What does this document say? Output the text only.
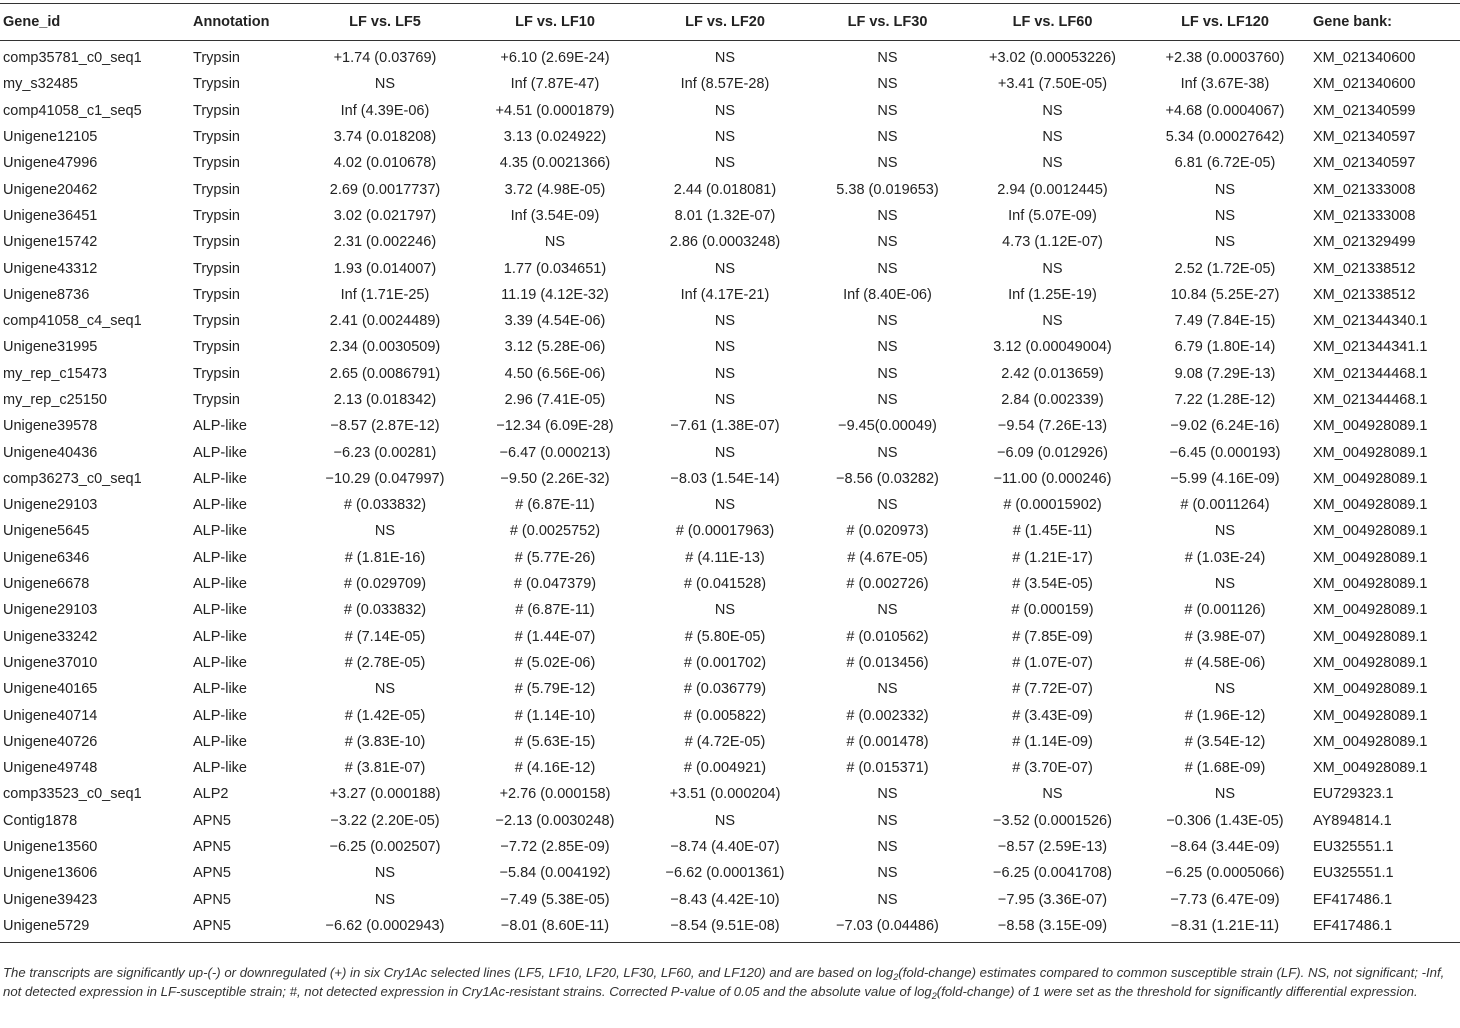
Gene_id	Annotation	LF vs. LF5	LF vs. LF10	LF vs. LF20	LF vs. LF30	LF vs. LF60	LF vs. LF120	Gene bank:
comp35781_c0_seq1	Trypsin	+1.74 (0.03769)	+6.10 (2.69E-24)	NS	NS	+3.02 (0.00053226)	+2.38 (0.0003760)	XM_021340600
my_s32485	Trypsin	NS	Inf (7.87E-47)	Inf (8.57E-28)	NS	+3.41 (7.50E-05)	Inf (3.67E-38)	XM_021340600
comp41058_c1_seq5	Trypsin	Inf (4.39E-06)	+4.51 (0.0001879)	NS	NS	NS	+4.68 (0.0004067)	XM_021340599
Unigene12105	Trypsin	3.74 (0.018208)	3.13 (0.024922)	NS	NS	NS	5.34 (0.00027642)	XM_021340597
Unigene47996	Trypsin	4.02 (0.010678)	4.35 (0.0021366)	NS	NS	NS	6.81 (6.72E-05)	XM_021340597
Unigene20462	Trypsin	2.69 (0.0017737)	3.72 (4.98E-05)	2.44 (0.018081)	5.38 (0.019653)	2.94 (0.0012445)	NS	XM_021333008
Unigene36451	Trypsin	3.02 (0.021797)	Inf (3.54E-09)	8.01 (1.32E-07)	NS	Inf (5.07E-09)	NS	XM_021333008
Unigene15742	Trypsin	2.31 (0.002246)	NS	2.86 (0.0003248)	NS	4.73 (1.12E-07)	NS	XM_021329499
Unigene43312	Trypsin	1.93 (0.014007)	1.77 (0.034651)	NS	NS	NS	2.52 (1.72E-05)	XM_021338512
Unigene8736	Trypsin	Inf (1.71E-25)	11.19 (4.12E-32)	Inf (4.17E-21)	Inf (8.40E-06)	Inf (1.25E-19)	10.84 (5.25E-27)	XM_021338512
comp41058_c4_seq1	Trypsin	2.41 (0.0024489)	3.39 (4.54E-06)	NS	NS	NS	7.49 (7.84E-15)	XM_021344340.1
Unigene31995	Trypsin	2.34 (0.0030509)	3.12 (5.28E-06)	NS	NS	3.12 (0.00049004)	6.79 (1.80E-14)	XM_021344341.1
my_rep_c15473	Trypsin	2.65 (0.0086791)	4.50 (6.56E-06)	NS	NS	2.42 (0.013659)	9.08 (7.29E-13)	XM_021344468.1
my_rep_c25150	Trypsin	2.13 (0.018342)	2.96 (7.41E-05)	NS	NS	2.84 (0.002339)	7.22 (1.28E-12)	XM_021344468.1
Unigene39578	ALP-like	−8.57 (2.87E-12)	−12.34 (6.09E-28)	−7.61 (1.38E-07)	−9.45(0.00049)	−9.54 (7.26E-13)	−9.02 (6.24E-16)	XM_004928089.1
Unigene40436	ALP-like	−6.23 (0.00281)	−6.47 (0.000213)	NS	NS	−6.09 (0.012926)	−6.45 (0.000193)	XM_004928089.1
comp36273_c0_seq1	ALP-like	−10.29 (0.047997)	−9.50 (2.26E-32)	−8.03 (1.54E-14)	−8.56 (0.03282)	−11.00 (0.000246)	−5.99 (4.16E-09)	XM_004928089.1
Unigene29103	ALP-like	# (0.033832)	# (6.87E-11)	NS	NS	# (0.00015902)	# (0.0011264)	XM_004928089.1
Unigene5645	ALP-like	NS	# (0.0025752)	# (0.00017963)	# (0.020973)	# (1.45E-11)	NS	XM_004928089.1
Unigene6346	ALP-like	# (1.81E-16)	# (5.77E-26)	# (4.11E-13)	# (4.67E-05)	# (1.21E-17)	# (1.03E-24)	XM_004928089.1
Unigene6678	ALP-like	# (0.029709)	# (0.047379)	# (0.041528)	# (0.002726)	# (3.54E-05)	NS	XM_004928089.1
Unigene29103	ALP-like	# (0.033832)	# (6.87E-11)	NS	NS	# (0.000159)	# (0.001126)	XM_004928089.1
Unigene33242	ALP-like	# (7.14E-05)	# (1.44E-07)	# (5.80E-05)	# (0.010562)	# (7.85E-09)	# (3.98E-07)	XM_004928089.1
Unigene37010	ALP-like	# (2.78E-05)	# (5.02E-06)	# (0.001702)	# (0.013456)	# (1.07E-07)	# (4.58E-06)	XM_004928089.1
Unigene40165	ALP-like	NS	# (5.79E-12)	# (0.036779)	NS	# (7.72E-07)	NS	XM_004928089.1
Unigene40714	ALP-like	# (1.42E-05)	# (1.14E-10)	# (0.005822)	# (0.002332)	# (3.43E-09)	# (1.96E-12)	XM_004928089.1
Unigene40726	ALP-like	# (3.83E-10)	# (5.63E-15)	# (4.72E-05)	# (0.001478)	# (1.14E-09)	# (3.54E-12)	XM_004928089.1
Unigene49748	ALP-like	# (3.81E-07)	# (4.16E-12)	# (0.004921)	# (0.015371)	# (3.70E-07)	# (1.68E-09)	XM_004928089.1
comp33523_c0_seq1	ALP2	+3.27 (0.000188)	+2.76 (0.000158)	+3.51 (0.000204)	NS	NS	NS	EU729323.1
Contig1878	APN5	−3.22 (2.20E-05)	−2.13 (0.0030248)	NS	NS	−3.52 (0.0001526)	−0.306 (1.43E-05)	AY894814.1
Unigene13560	APN5	−6.25 (0.002507)	−7.72 (2.85E-09)	−8.74 (4.40E-07)	NS	−8.57 (2.59E-13)	−8.64 (3.44E-09)	EU325551.1
Unigene13606	APN5	NS	−5.84 (0.004192)	−6.62 (0.0001361)	NS	−6.25 (0.0041708)	−6.25 (0.0005066)	EU325551.1
Unigene39423	APN5	NS	−7.49 (5.38E-05)	−8.43 (4.42E-10)	NS	−7.95 (3.36E-07)	−7.73 (6.47E-09)	EF417486.1
Unigene5729	APN5	−6.62 (0.0002943)	−8.01 (8.60E-11)	−8.54 (9.51E-08)	−7.03 (0.04486)	−8.58 (3.15E-09)	−8.31 (1.21E-11)	EF417486.1
The transcripts are significantly up-(-) or downregulated (+) in six Cry1Ac selected lines (LF5, LF10, LF20, LF30, LF60, and LF120) and are based on $\log_2(fold-change)$ estimates compared to common susceptible strain (LF). NS, not significant; -Inf, not detected expression in LF-susceptible strain; #, not detected expression in Cry1Ac-resistant strains. Corrected P-value of 0.05 and the absolute value of $\log_2(fold-change)$ of 1 were set as the threshold for significantly differential expression.
